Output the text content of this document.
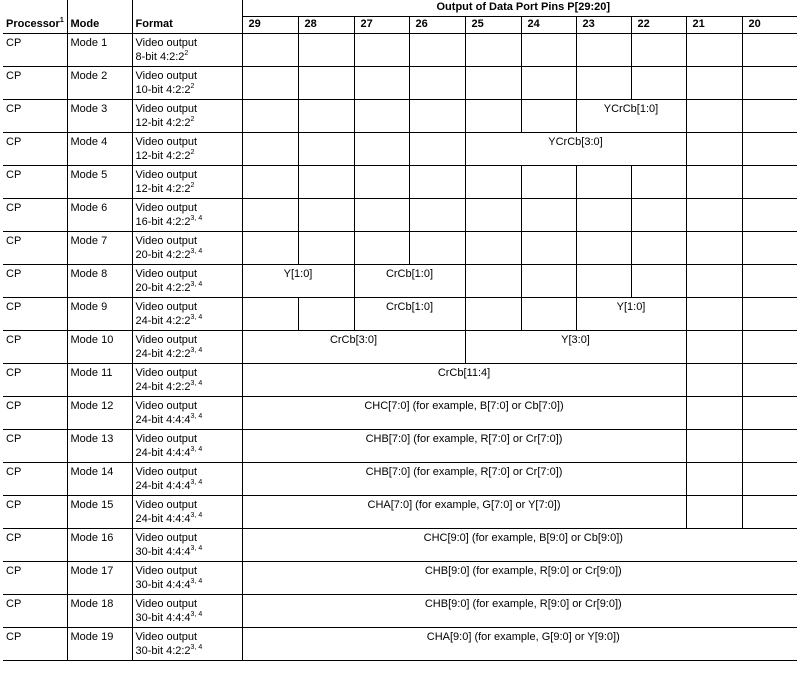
Processor$^1$	Mode	Format	Output of Data Port Pins P[29:20]									
			29	28	27	26	25	24	23	22	21	20
CP	Mode 1	Video output
8-bit $4:2:2^2$

CP	Mode 2	Video output
10-bit $4:2:2^2$

CP	Mode 3	Video output
12-bit $4:2:2^2$							YCrCb[1:0]			
CP	Mode 4	Video output
12-bit $4:2:2^2$					YCrCb[3:0]					
CP	Mode 5	Video output
12-bit $4:2:2^2$

CP	Mode 6	Video output
16-bit 4:2:2$^{3, 4}$

CP	Mode 7	Video output
20-bit 4:2:2$^{3, 4}$

CP	Mode 8	Video output
20-bit 4:2:2$^{3, 4}$	Y[1:0]		CrCb[1:0]							
CP	Mode 9	Video output
24-bit 4:2:2$^{3, 4}$			CrCb[1:0]				Y[1:0]			
CP	Mode 10	Video output
24-bit 4:2:2$^{3, 4}$	CrCb[3:0]				Y[3:0]					
CP	Mode 11	Video output
24-bit 4:2:2$^{3, 4}$	CrCb[11:4]									
CP	Mode 12	Video output
24-bit 4:4:4$^{3, 4}$	CHC[7:0] (for example, B[7:0] or Cb[7:0])									
CP	Mode 13	Video output
24-bit 4:4:4$^{3, 4}$	CHB[7:0] (for example, R[7:0] or Cr[7:0])									
CP	Mode 14	Video output
24-bit 4:4:4$^{3, 4}$	CHB[7:0] (for example, R[7:0] or Cr[7:0])									
CP	Mode 15	Video output
24-bit 4:4:4$^{3, 4}$	CHA[7:0] (for example, G[7:0] or Y[7:0])									
CP	Mode 16	Video output
30-bit 4:4:4$^{3, 4}$	CHC[9:0] (for example, B[9:0] or Cb[9:0])									
CP	Mode 17	Video output
30-bit 4:4:4$^{3, 4}$	CHB[9:0] (for example, R[9:0] or Cr[9:0])									
CP	Mode 18	Video output
30-bit 4:4:4$^{3, 4}$	CHB[9:0] (for example, R[9:0] or Cr[9:0])									
CP	Mode 19	Video output
30-bit 4:2:2$^{3, 4}$	CHA[9:0] (for example, G[9:0] or Y[9:0])									
